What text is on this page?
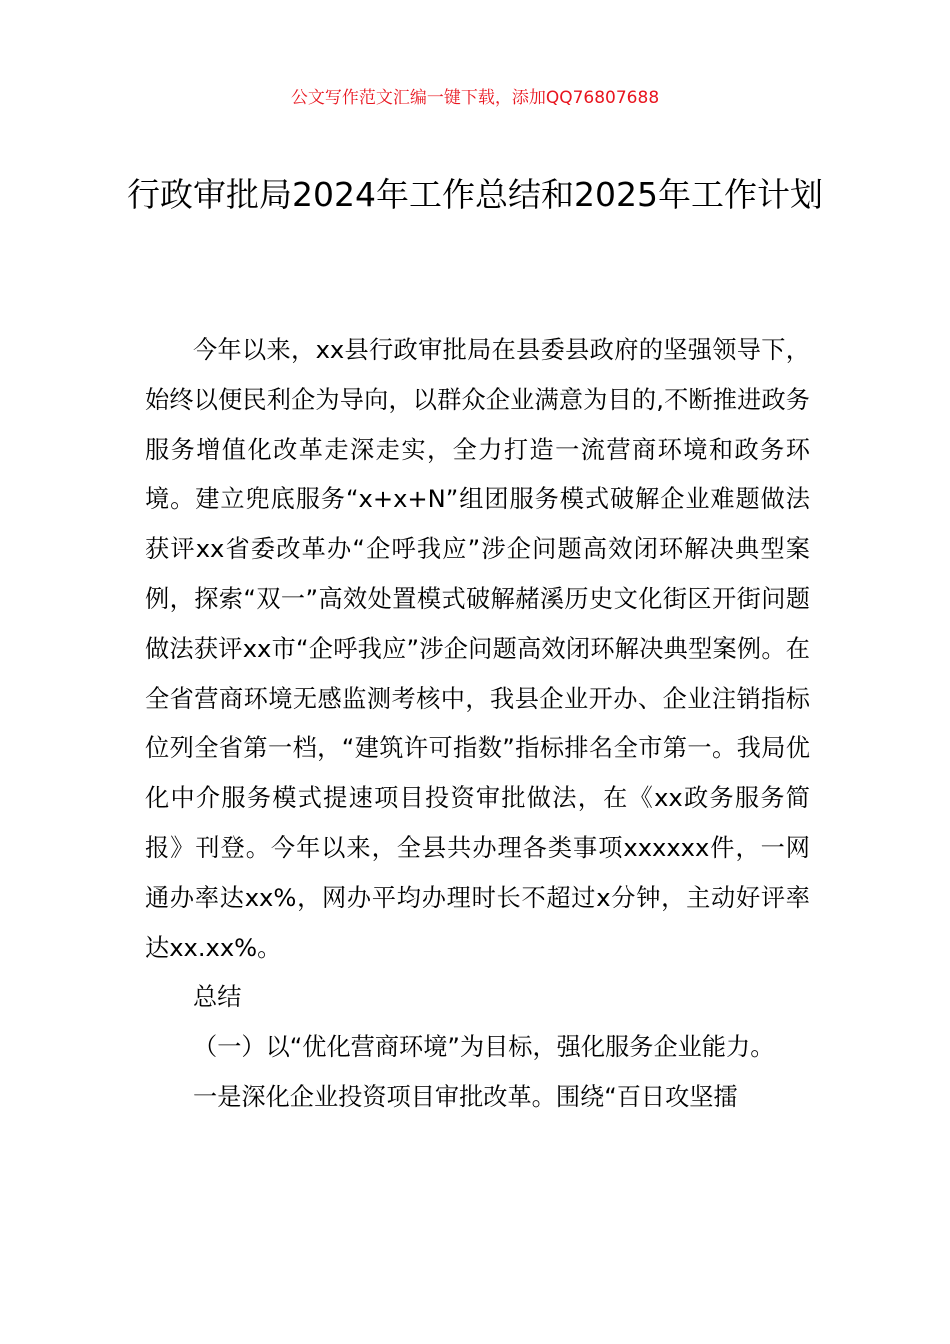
公文写作范文汇编一键下载，添加QQ76807688
行政审批局2024年工作总结和2025年工作计划

今年以来，xx县行政审批局在县委县政府的坚强领导下，始终以便民利企为导向，以群众企业满意为目的,不断推进政务服务增值化改革走深走实，全力打造一流营商环境和政务环境。建立兜底服务“x+x+N”组团服务模式破解企业难题做法获评xx省委改革办“企呼我应”涉企问题高效闭环解决典型案例，探索“双一”高效处置模式破解赭溪历史文化街区开街问题做法获评xx市“企呼我应”涉企问题高效闭环解决典型案例。在全省营商环境无感监测考核中，我县企业开办、企业注销指标位列全省第一档，“建筑许可指数”指标排名全市第一。我局优化中介服务模式提速项目投资审批做法，在《xx政务服务简报》刊登。今年以来，全县共办理各类事项xxxxxx件，一网通办率达xx%，网办平均办理时长不超过x分钟，主动好评率达xx.xx%。

总结

（一）以“优化营商环境”为目标，强化服务企业能力。

一是深化企业投资项目审批改革。围绕“百日攻坚擂
